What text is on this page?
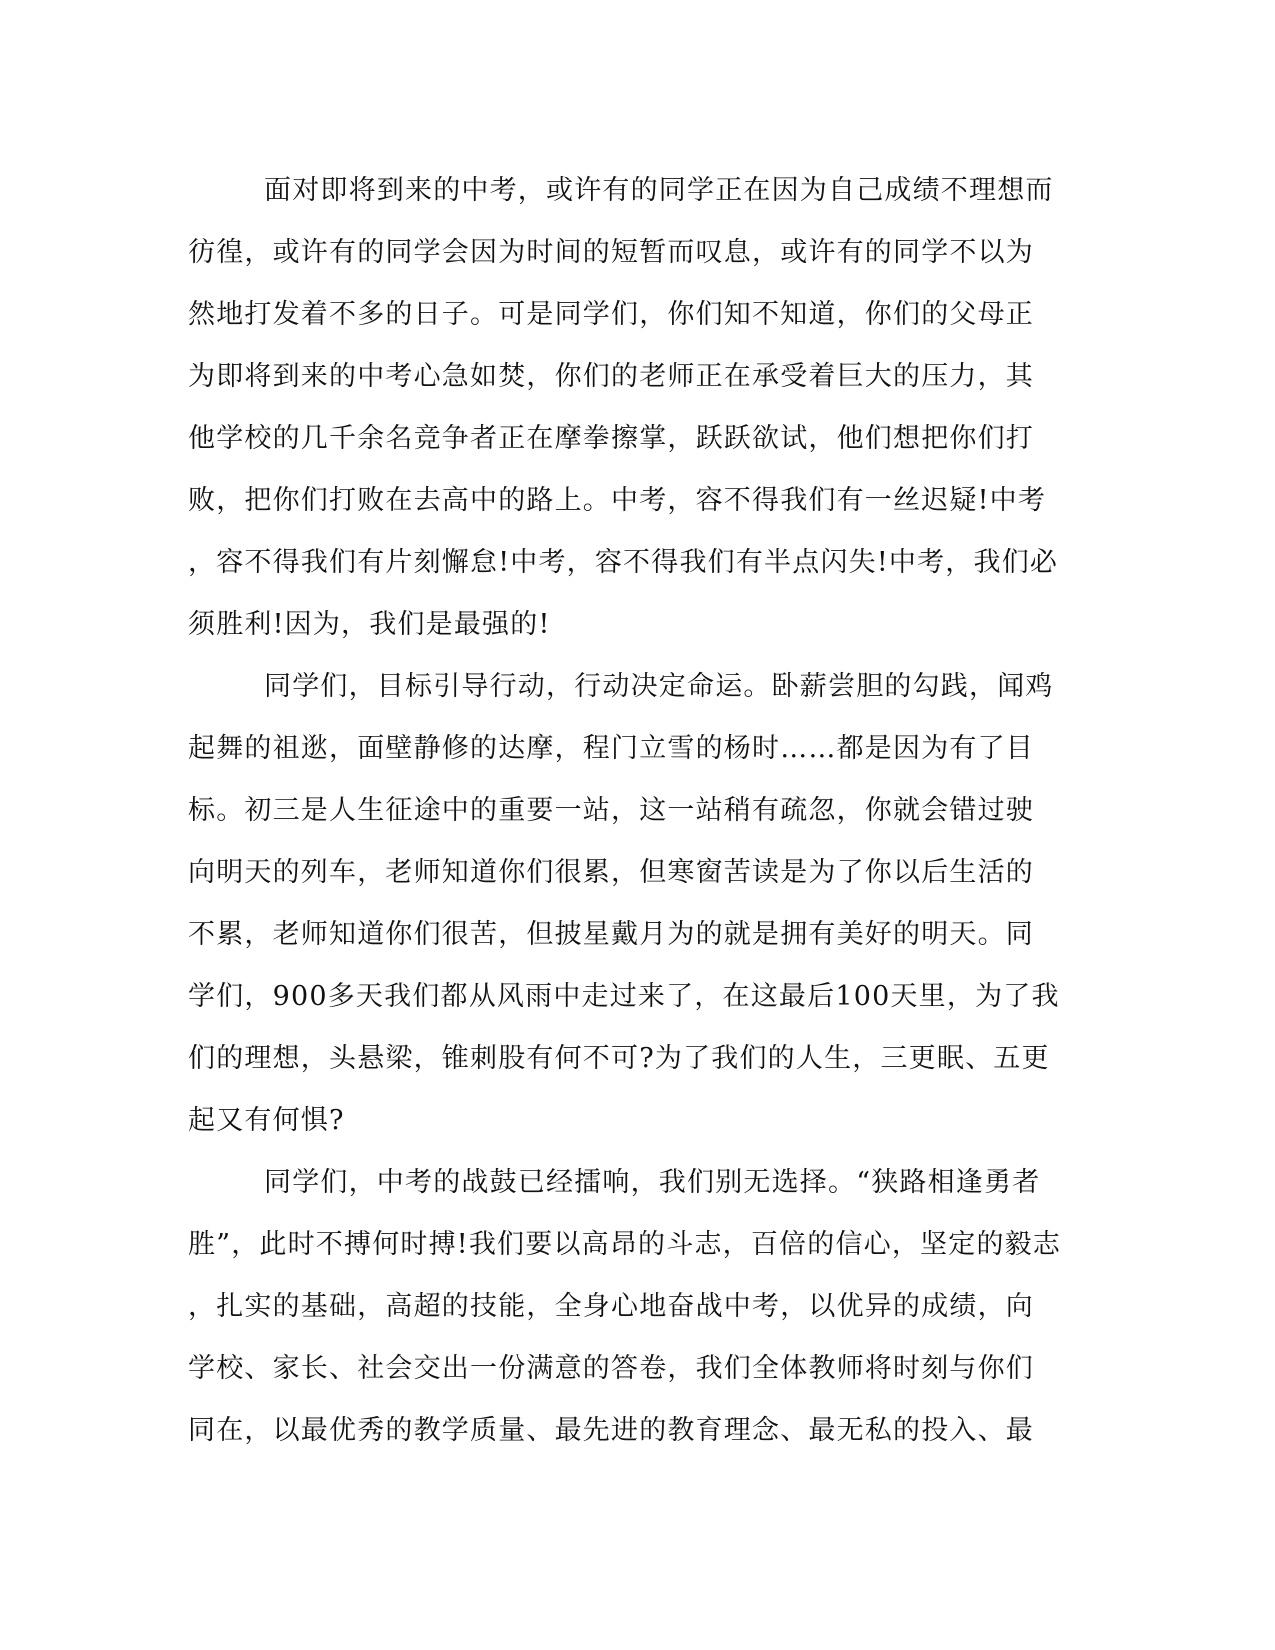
面对即将到来的中考，或许有的同学正在因为自己成绩不理想而
彷徨，或许有的同学会因为时间的短暂而叹息，或许有的同学不以为
然地打发着不多的日子。可是同学们，你们知不知道，你们的父母正
为即将到来的中考心急如焚，你们的老师正在承受着巨大的压力，其
他学校的几千余名竞争者正在摩拳擦掌，跃跃欲试，他们想把你们打
败，把你们打败在去高中的路上。中考，容不得我们有一丝迟疑!中考
，容不得我们有片刻懈怠!中考，容不得我们有半点闪失!中考，我们必
须胜利!因为，我们是最强的!
同学们，目标引导行动，行动决定命运。卧薪尝胆的勾践，闻鸡
起舞的祖逖，面壁静修的达摩，程门立雪的杨时……都是因为有了目
标。初三是人生征途中的重要一站，这一站稍有疏忽，你就会错过驶
向明天的列车，老师知道你们很累，但寒窗苦读是为了你以后生活的
不累，老师知道你们很苦，但披星戴月为的就是拥有美好的明天。同
学们，900多天我们都从风雨中走过来了，在这最后100天里，为了我
们的理想，头悬梁，锥刺股有何不可?为了我们的人生，三更眠、五更
起又有何惧?
同学们，中考的战鼓已经擂响，我们别无选择。“狭路相逢勇者
胜”，此时不搏何时搏!我们要以高昂的斗志，百倍的信心，坚定的毅志
，扎实的基础，高超的技能，全身心地奋战中考，以优异的成绩，向
学校、家长、社会交出一份满意的答卷，我们全体教师将时刻与你们
同在，以最优秀的教学质量、最先进的教育理念、最无私的投入、最
